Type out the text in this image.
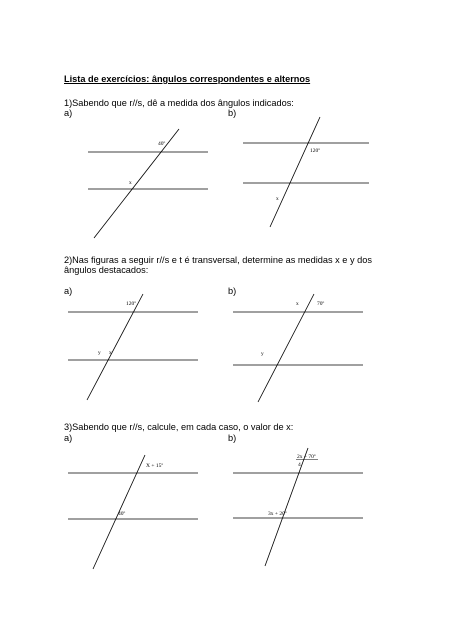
Lista de exercícios: ângulos correspondentes e alternos
1)Sabendo que r//s, dê a medida dos ângulos indicados:
a)	b)
2)Nas figuras a seguir r//s e t é transversal, determine as medidas x e y dos
ângulos destacados:
a)	b)
3)Sabendo que r//s, calcule, em cada caso, o valor de x:
a)	b)
40º
x
120º
x
120º
y x
x	70º
y
X + 15º
40º
2x + 70º
4
3x + 20º
